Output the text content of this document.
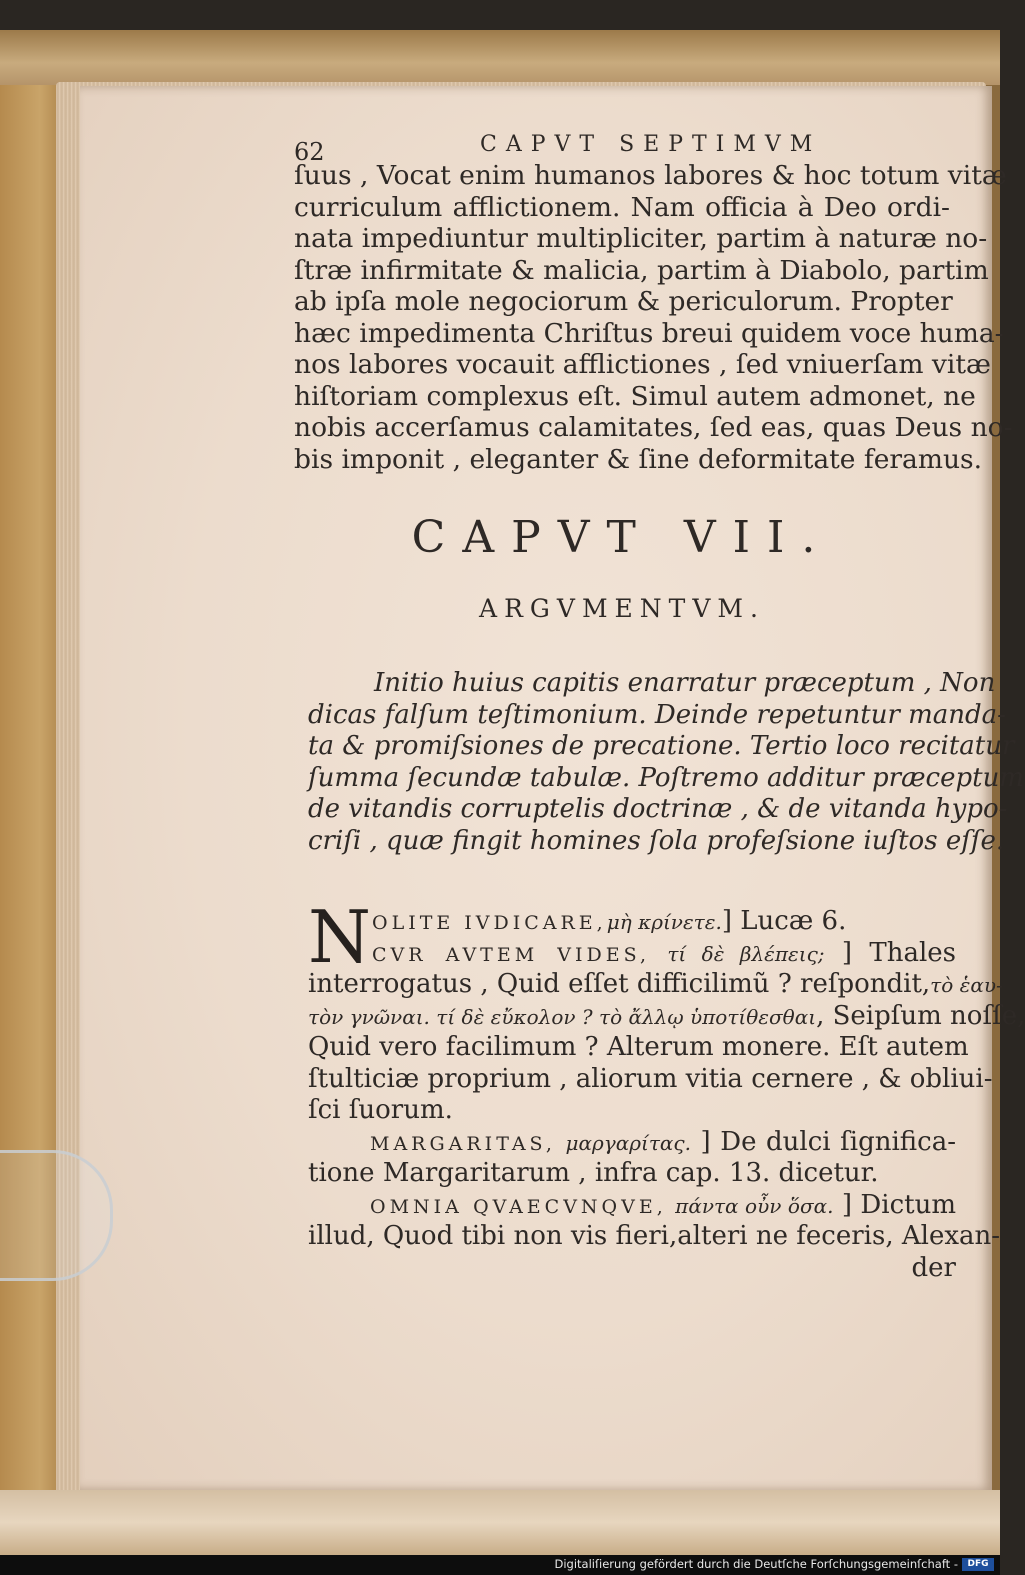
62	CAPVT SEPTIMVM
ſuus , Vocat enim humanos labores & hoc totum vitæ
curriculum afflictionem. Nam officia à Deo ordi-
nata impediuntur multipliciter, partim à naturæ no-
ſtræ infirmitate & malicia, partim à Diabolo, partim
ab ipſa mole negociorum & periculorum. Propter
hæc impedimenta Chriſtus breui quidem voce huma-
nos labores vocauit afflictiones , ſed vniuerſam vitæ
hiſtoriam complexus eſt. Simul autem admonet, ne
nobis accerſamus calamitates, ſed eas, quas Deus no-
bis imponit , eleganter & ſine deformitate feramus.
CAPVT VII.
ARGVMENTVM.
Initio huius capitis enarratur præceptum , Non
dicas falſum teſtimonium. Deinde repetuntur manda-
ta & promiſsiones de precatione. Tertio loco recitatur
ſumma ſecundæ tabulæ. Poſtremo additur præceptum
de vitandis corruptelis doctrinæ , & de vitanda hypo-
criſi , quæ fingit homines ſola profeſsione iuſtos eſſe.
N OLITE IVDICARE,μὴ κρίνετε.] Lucæ 6.
CVR AVTEM VIDES, τί δὲ βλέπεις; ] Thales
interrogatus , Quid eſſet difficilimũ ? reſpondit,τὸ ἑαυ-
τὸν γνῶναι. τί δὲ εὔκολον ? τὸ ἄλλῳ ὑποτίθεσθαι, Seipſum noſſe,
Quid vero facilimum ? Alterum monere. Eſt autem
ſtulticiæ proprium , aliorum vitia cernere , & obliui-
ſci ſuorum.
MARGARITAS, μαργαρίτας. ] De dulci ſignifica-
tione Margaritarum , infra cap. 13. dicetur.
OMNIA QVAECVNQVE, πάντα οὖν ὅσα. ] Dictum
illud, Quod tibi non vis fieri,alteri ne feceris, Alexan-
der
Digitaliſierung gefördert durch die Deutſche Forſchungsgemeinſchaft -	DFG
